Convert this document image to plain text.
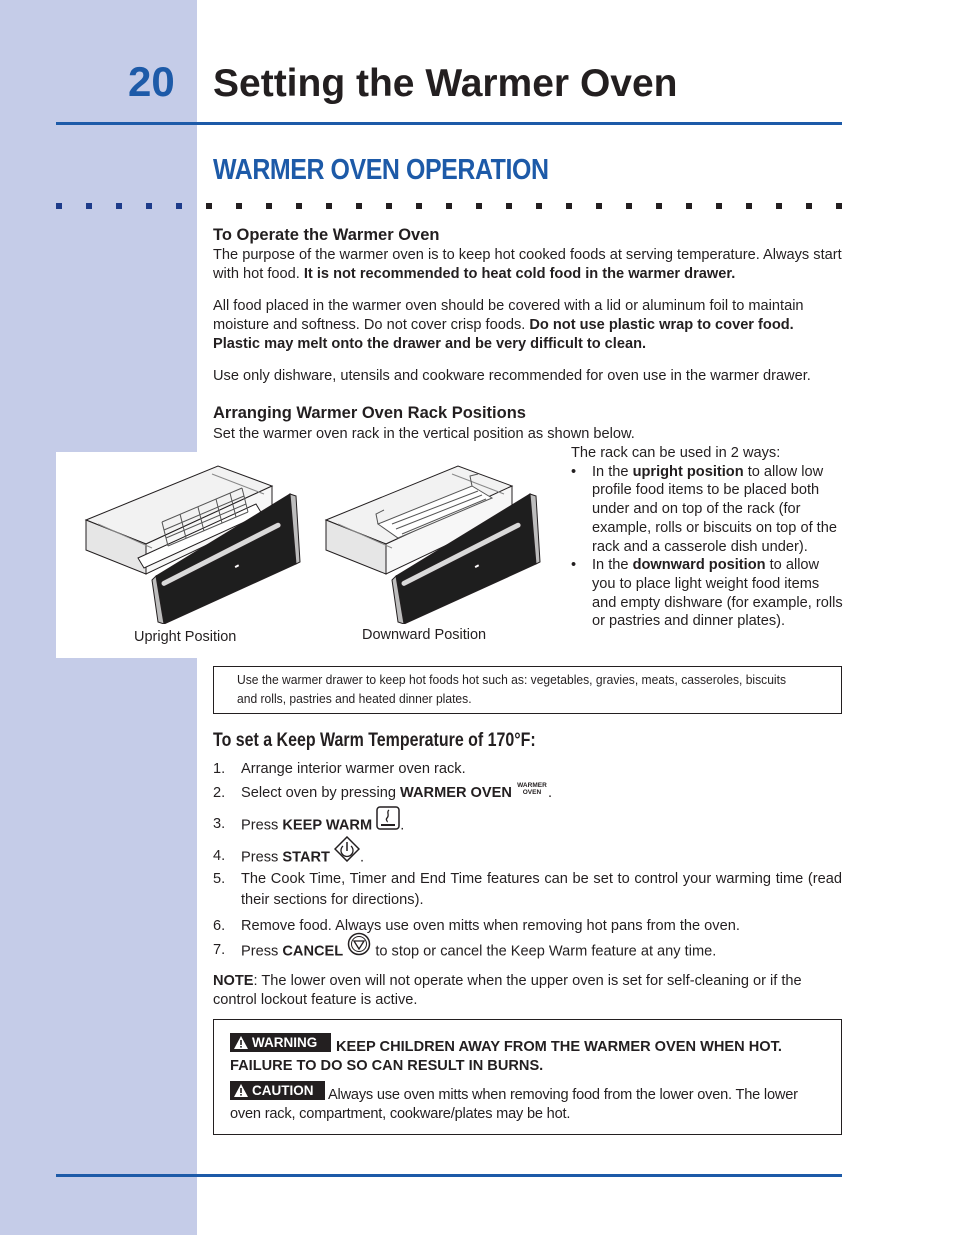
20 Setting the Warmer Oven
WARMER OVEN OPERATION
To Operate the Warmer Oven
The purpose of the warmer oven is to keep hot cooked foods at serving temperature. Always start with hot food. It is not recommended to heat cold food in the warmer drawer.
All food placed in the warmer oven should be covered with a lid or aluminum foil to maintain moisture and softness. Do not cover crisp foods. Do not use plastic wrap to cover food. Plastic may melt onto the drawer and be very difficult to clean.
Use only dishware, utensils and cookware recommended for oven use in the warmer drawer.
Arranging Warmer Oven Rack Positions
Set the warmer oven rack in the vertical position as shown below.
Upright Position	Downward Position
The rack can be used in 2 ways:
• In the upright position to allow low profile food items to be placed both under and on top of the rack (for example, rolls or biscuits on top of the rack and a casserole dish under).
• In the downward position to allow you to place light weight food items and empty dishware (for example, rolls or pastries and dinner plates).
Use the warmer drawer to keep hot foods hot such as: vegetables, gravies, meats, casseroles, biscuits and rolls, pastries and heated dinner plates.
To set a Keep Warm Temperature of 170°F:
1. Arrange interior warmer oven rack.
2. Select oven by pressing WARMER OVEN WARMER
OVEN .
3. Press KEEP WARM .
4. Press START .
5. The Cook Time, Timer and End Time features can be set to control your warming time (read their sections for directions).
6. Remove food. Always use oven mitts when removing hot pans from the oven.
7. Press CANCEL to stop or cancel the Keep Warm feature at any time.
NOTE: The lower oven will not operate when the upper oven is set for self-cleaning or if the control lockout feature is active.
WARNING	KEEP CHILDREN AWAY FROM THE WARMER OVEN WHEN HOT. FAILURE TO DO SO CAN RESULT IN BURNS.
CAUTION Always use oven mitts when removing food from the lower oven. The lower oven rack, compartment, cookware/plates may be hot.
